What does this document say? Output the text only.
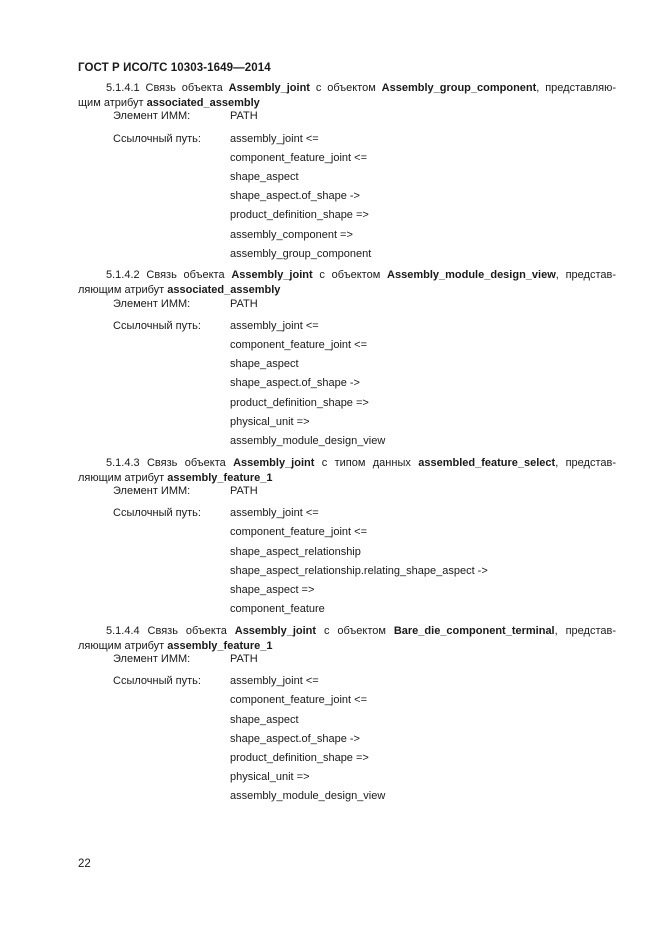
ГОСТ Р ИСО/ТС 10303-1649—2014
5.1.4.1 Связь объекта Assembly_joint с объектом Assembly_group_component, представляю-щим атрибут associated_assembly
Элемент ИММ:	PATH
Ссылочный путь:	assembly_joint <=
component_feature_joint <=
shape_aspect
shape_aspect.of_shape ->
product_definition_shape =>
assembly_component =>
assembly_group_component
5.1.4.2 Связь объекта Assembly_joint с объектом Assembly_module_design_view, представ-ляющим атрибут associated_assembly
Элемент ИММ:	PATH
Ссылочный путь:	assembly_joint <=
component_feature_joint <=
shape_aspect
shape_aspect.of_shape ->
product_definition_shape =>
physical_unit =>
assembly_module_design_view
5.1.4.3 Связь объекта Assembly_joint с типом данных assembled_feature_select, представ-ляющим атрибут assembly_feature_1
Элемент ИММ:	PATH
Ссылочный путь:	assembly_joint <=
component_feature_joint <=
shape_aspect_relationship
shape_aspect_relationship.relating_shape_aspect ->
shape_aspect =>
component_feature
5.1.4.4 Связь объекта Assembly_joint с объектом Bare_die_component_terminal, представ-ляющим атрибут assembly_feature_1
Элемент ИММ:	PATH
Ссылочный путь:	assembly_joint <=
component_feature_joint <=
shape_aspect
shape_aspect.of_shape ->
product_definition_shape =>
physical_unit =>
assembly_module_design_view
22
